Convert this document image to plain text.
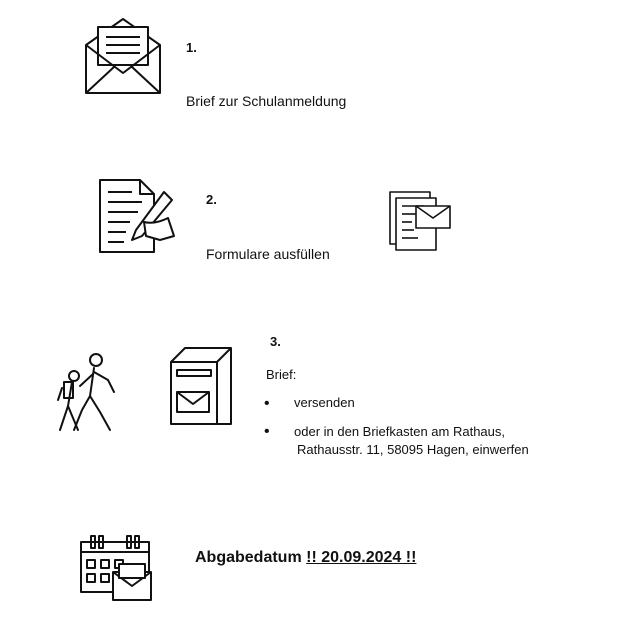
1.
Brief zur Schulanmeldung
2.
Formulare ausfüllen
3.
Brief:
• versenden
• oder in den Briefkasten am Rathaus,
Rathausstr. 11, 58095 Hagen, einwerfen
Abgabedatum !! 20.09.2024 !!
